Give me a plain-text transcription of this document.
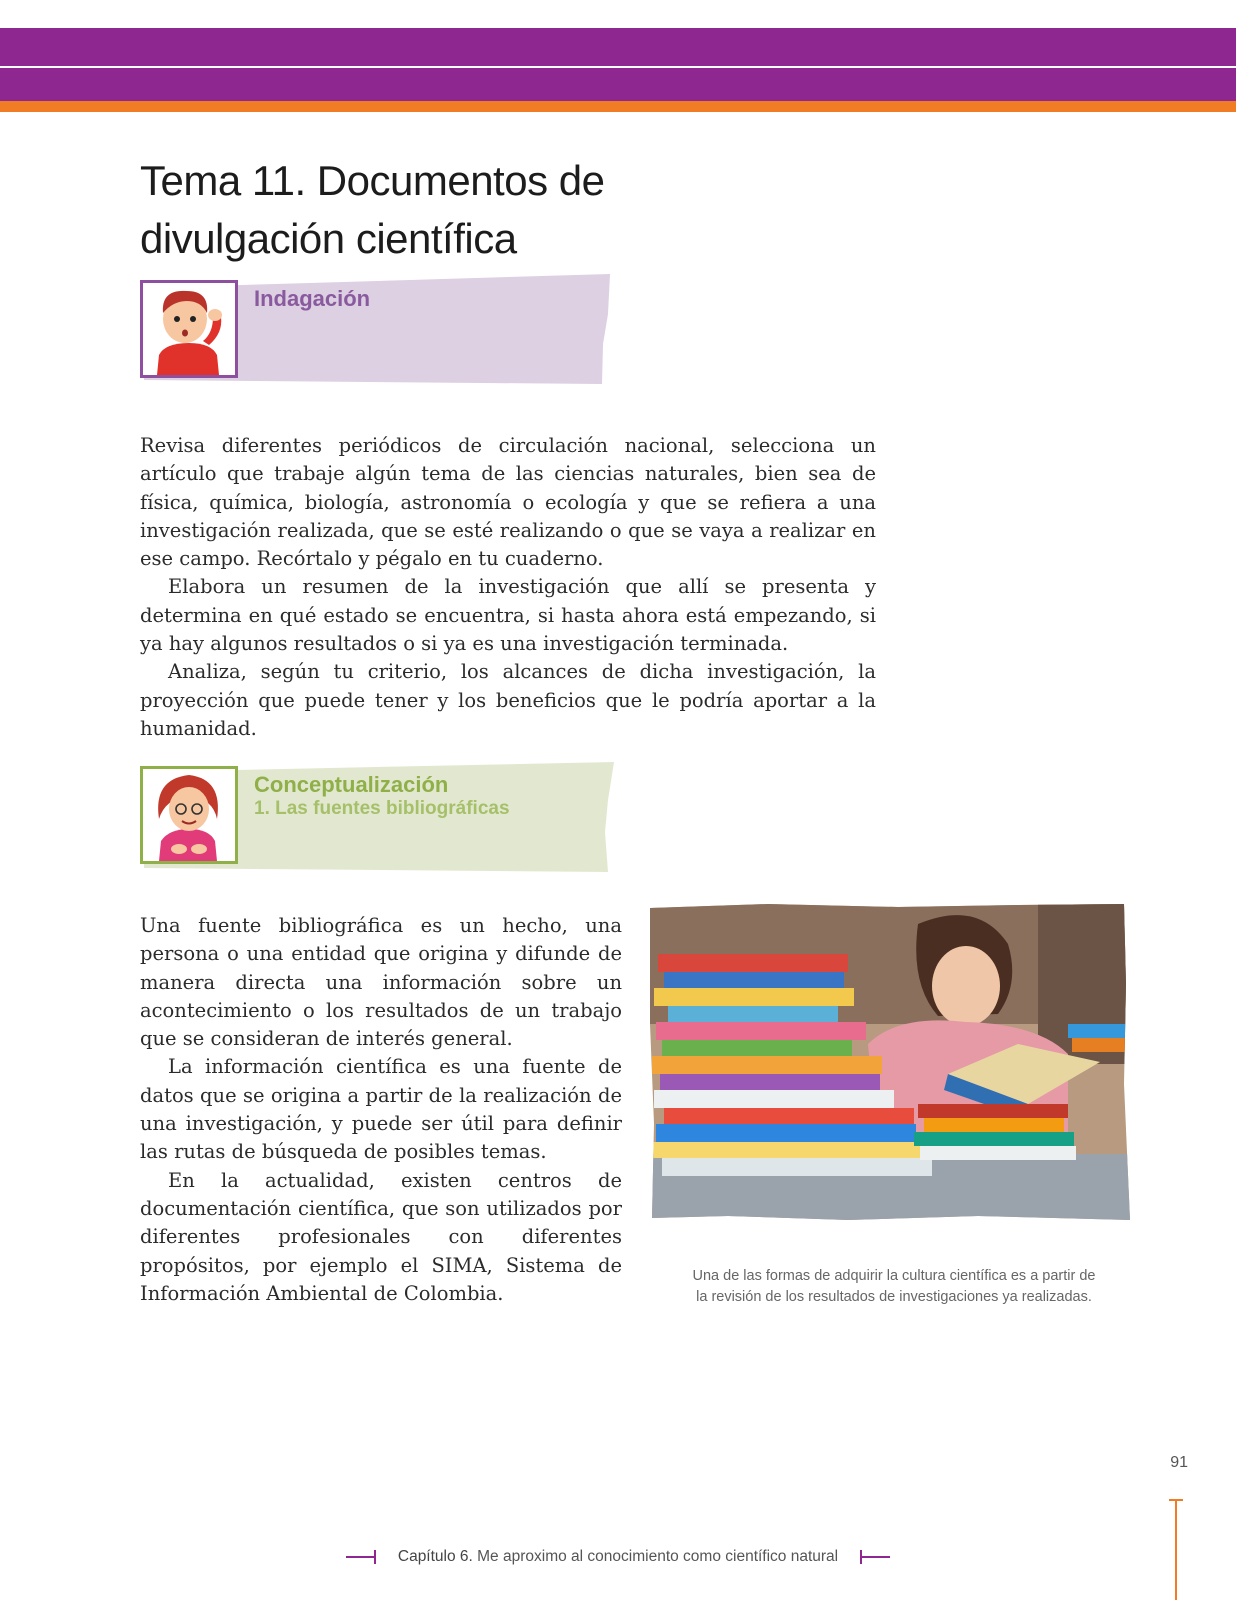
Tema 11. Documentos de
divulgación científica
Indagación

Revisa diferentes periódicos de circulación nacional, selecciona un artículo que trabaje algún tema de las ciencias naturales, bien sea de física, química, biología, astronomía o ecología y que se refiera a una investigación realizada, que se esté realizando o que se vaya a realizar en ese campo. Recórtalo y pégalo en tu cuaderno.

Elabora un resumen de la investigación que allí se presenta y determina en qué estado se encuentra, si hasta ahora está empezando, si ya hay algunos resultados o si ya es una investigación terminada.

Analiza, según tu criterio, los alcances de dicha investigación, la proyección que puede tener y los beneficios que le podría aportar a la humanidad.

Conceptualización
1. Las fuentes bibliográficas

Una fuente bibliográfica es un hecho, una persona o una entidad que origina y difunde de manera directa una información sobre un acontecimiento o los resultados de un trabajo que se consideran de interés general.

La información científica es una fuente de datos que se origina a partir de la realización de una investigación, y puede ser útil para definir las rutas de búsqueda de posibles temas.

En la actualidad, existen centros de documentación científica, que son utilizados por diferentes profesionales con diferentes propósitos, por ejemplo el SIMA, Sistema de Información Ambiental de Colombia.

Una de las formas de adquirir la cultura científica es a partir de
la revisión de los resultados de investigaciones ya realizadas.

91
Capítulo 6. Me aproximo al conocimiento como científico natural
